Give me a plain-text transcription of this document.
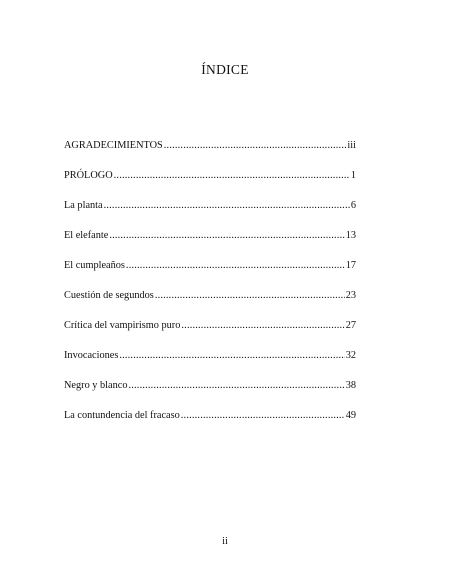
ÍNDICE
AGRADECIMIENTOS .....	iii
PRÓLOGO .....	1
La planta .....	6
El elefante .....	13
El cumpleaños .....	17
Cuestión de segundos .....	23
Crítica del vampirismo puro .....	27
Invocaciones .....	32
Negro y blanco .....	38
La contundencia del fracaso .....	49
ii
